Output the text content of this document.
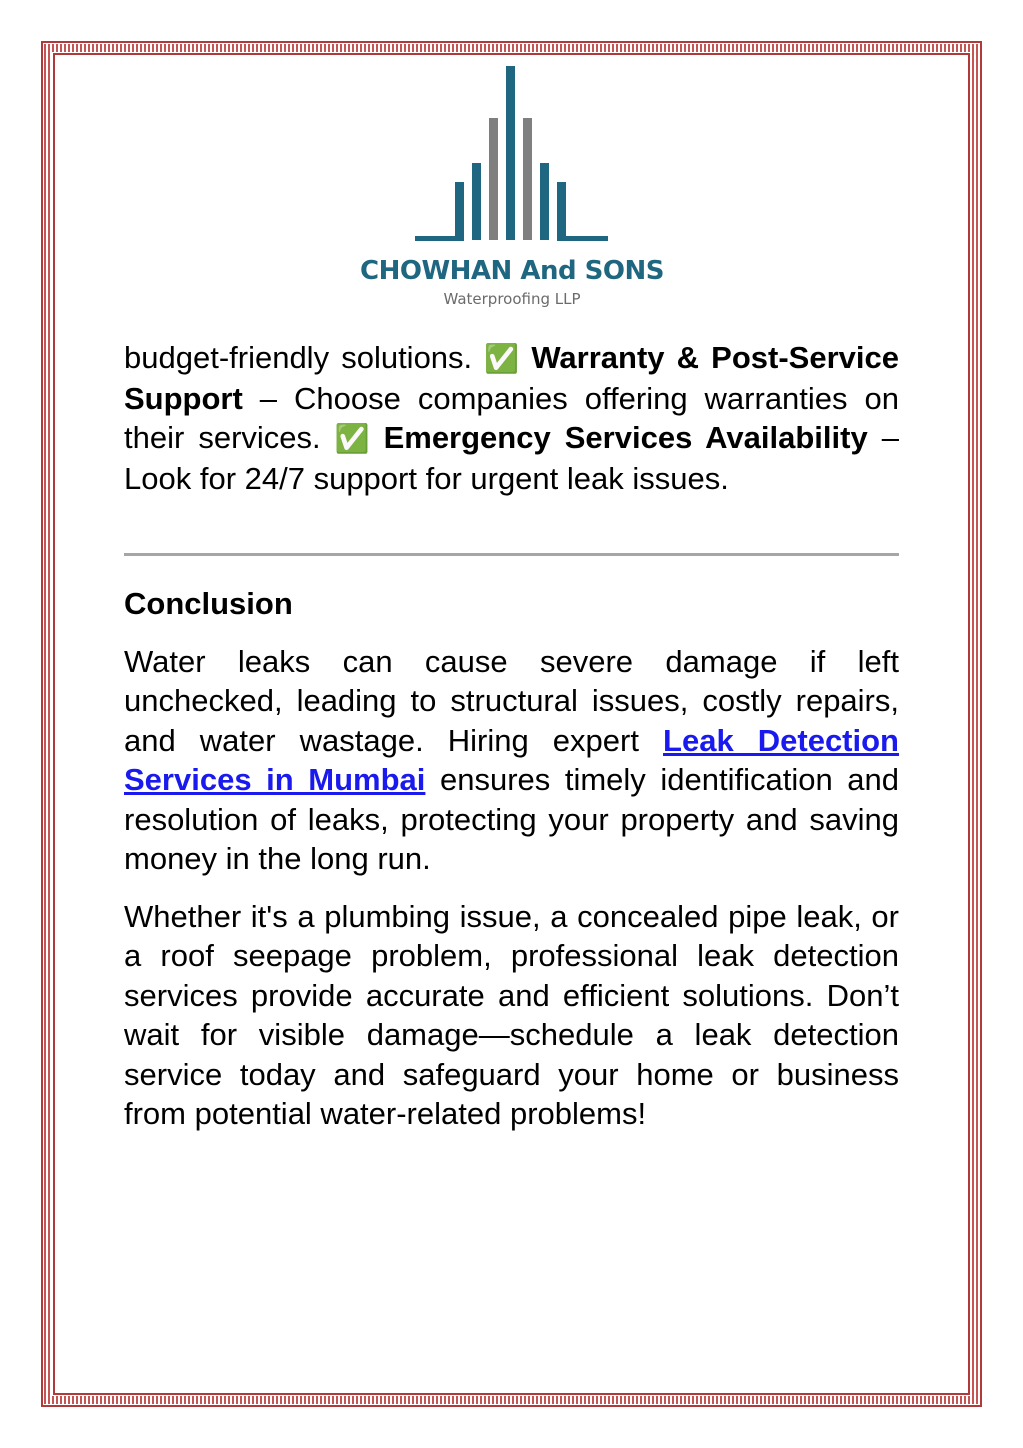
CHOWHAN And SONS
Waterproofing LLP

budget-friendly solutions. ✅ Warranty & Post-Service Support – Choose companies offering warranties on their services. ✅ Emergency Services Availability – Look for 24/7 support for urgent leak issues.

Conclusion

Water leaks can cause severe damage if left unchecked, leading to structural issues, costly repairs, and water wastage. Hiring expert Leak Detection Services in Mumbai ensures timely identification and resolution of leaks, protecting your property and saving money in the long run.

Whether it's a plumbing issue, a concealed pipe leak, or a roof seepage problem, professional leak detection services provide accurate and efficient solutions. Don’t wait for visible damage—schedule a leak detection service today and safeguard your home or business from potential water-related problems!
